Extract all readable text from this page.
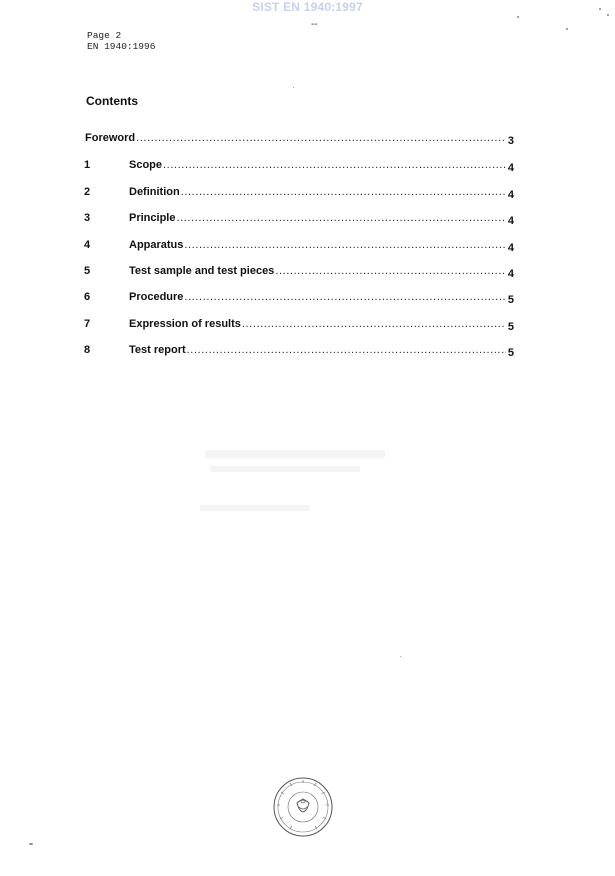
SIST EN 1940:1997
--
Page 2
EN 1940:1996
Contents
Foreword .....	3
1	Scope .....	4
2	Definition .....	4
3	Principle .....	4
4	Apparatus .....	4
5	Test sample and test pieces .....	4
6	Procedure .....	5
7	Expression of results .....	5
8	Test report .....	5
